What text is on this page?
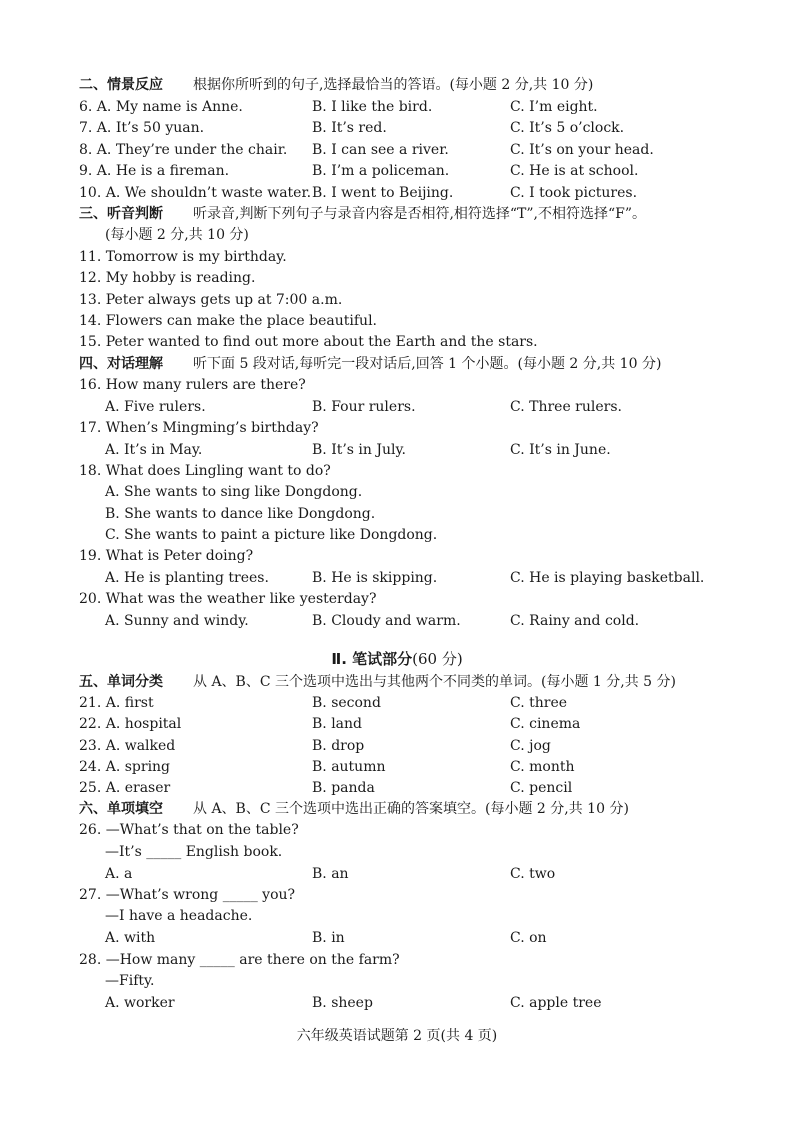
二、情景反应 根据你所听到的句子,选择最恰当的答语。(每小题 2 分,共 10 分)
6. A. My name is Anne.	B. I like the bird.	C. I’m eight.
7. A. It’s 50 yuan.	B. It’s red.	C. It’s 5 o’clock.
8. A. They’re under the chair. B. I can see a river.	C. It’s on your head.
9. A. He is a fireman.	B. I’m a policeman.	C. He is at school.
10. A. We shouldn’t waste water. B. I went to Beijing.	C. I took pictures.
三、听音判断 听录音,判断下列句子与录音内容是否相符,相符选择“T”,不相符选择“F”。
(每小题 2 分,共 10 分)
11. Tomorrow is my birthday.
12. My hobby is reading.
13. Peter always gets up at 7:00 a.m.
14. Flowers can make the place beautiful.
15. Peter wanted to find out more about the Earth and the stars.
四、对话理解 听下面 5 段对话,每听完一段对话后,回答 1 个小题。(每小题 2 分,共 10 分)
16. How many rulers are there?
A. Five rulers.	B. Four rulers.	C. Three rulers.
17. When’s Mingming’s birthday?
A. It’s in May.	B. It’s in July.	C. It’s in June.
18. What does Lingling want to do?
A. She wants to sing like Dongdong.
B. She wants to dance like Dongdong.
C. She wants to paint a picture like Dongdong.
19. What is Peter doing?
A. He is planting trees.	B. He is skipping.	C. He is playing basketball.
20. What was the weather like yesterday?
A. Sunny and windy.	B. Cloudy and warm.	C. Rainy and cold.
Ⅱ. 笔试部分(60 分)
五、单词分类 从 A、B、C 三个选项中选出与其他两个不同类的单词。(每小题 1 分,共 5 分)
21. A. first	B. second	C. three
22. A. hospital	B. land	C. cinema
23. A. walked	B. drop	C. jog
24. A. spring	B. autumn	C. month
25. A. eraser	B. panda	C. pencil
六、单项填空 从 A、B、C 三个选项中选出正确的答案填空。(每小题 2 分,共 10 分)
26. —What’s that on the table?
—It’s _____ English book.
A. a	B. an	C. two
27. —What’s wrong _____ you?
—I have a headache.
A. with	B. in	C. on
28. —How many _____ are there on the farm?
—Fifty.
A. worker	B. sheep	C. apple tree
六年级英语试题第 2 页(共 4 页)
